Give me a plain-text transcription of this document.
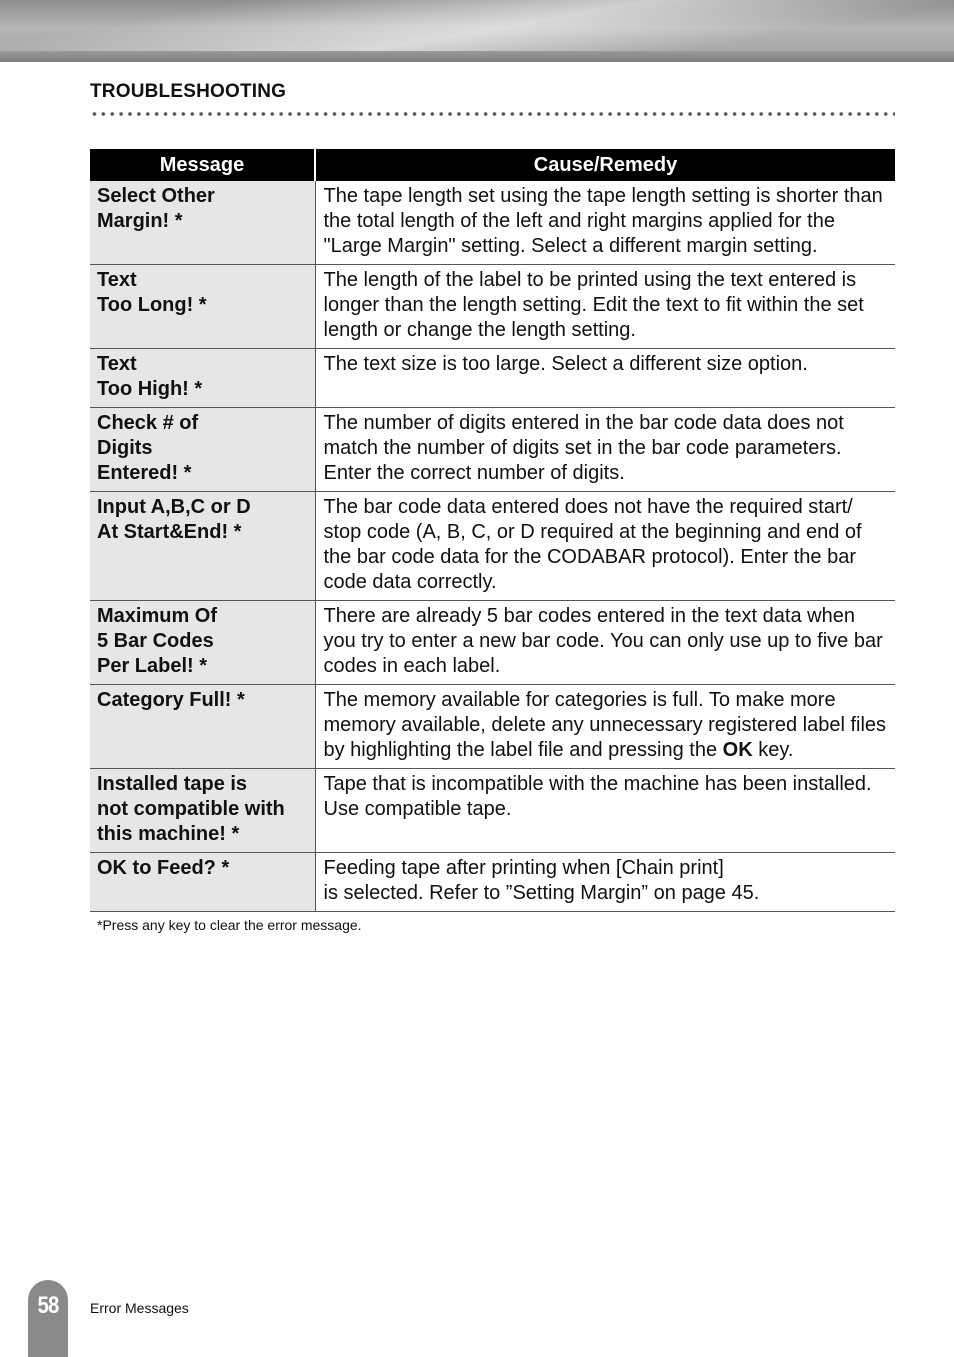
TROUBLESHOOTING
Message	Cause/Remedy
Select Other
Margin! *	The tape length set using the tape length setting is shorter than the total length of the left and right margins applied for the "Large Margin" setting. Select a different margin setting.
Text
Too Long! *	The length of the label to be printed using the text entered is longer than the length setting. Edit the text to fit within the set length or change the length setting.
Text
Too High! *	The text size is too large. Select a different size option.
Check # of
Digits
Entered! *	The number of digits entered in the bar code data does not match the number of digits set in the bar code parameters. Enter the correct number of digits.
Input A,B,C or D
At Start&End! *	The bar code data entered does not have the required start/ stop code (A, B, C, or D required at the beginning and end of the bar code data for the CODABAR protocol). Enter the bar code data correctly.
Maximum Of
5 Bar Codes
Per Label! *	There are already 5 bar codes entered in the text data when you try to enter a new bar code. You can only use up to five bar codes in each label.
Category Full! *	The memory available for categories is full. To make more memory available, delete any unnecessary registered label files by highlighting the label file and pressing the OK key.
Installed tape is
not compatible with
this machine! *	Tape that is incompatible with the machine has been installed. Use compatible tape.
OK to Feed? *	Feeding tape after printing when [Chain print]
is selected. Refer to ”Setting Margin” on page 45.
*Press any key to clear the error message.
58	Error Messages
